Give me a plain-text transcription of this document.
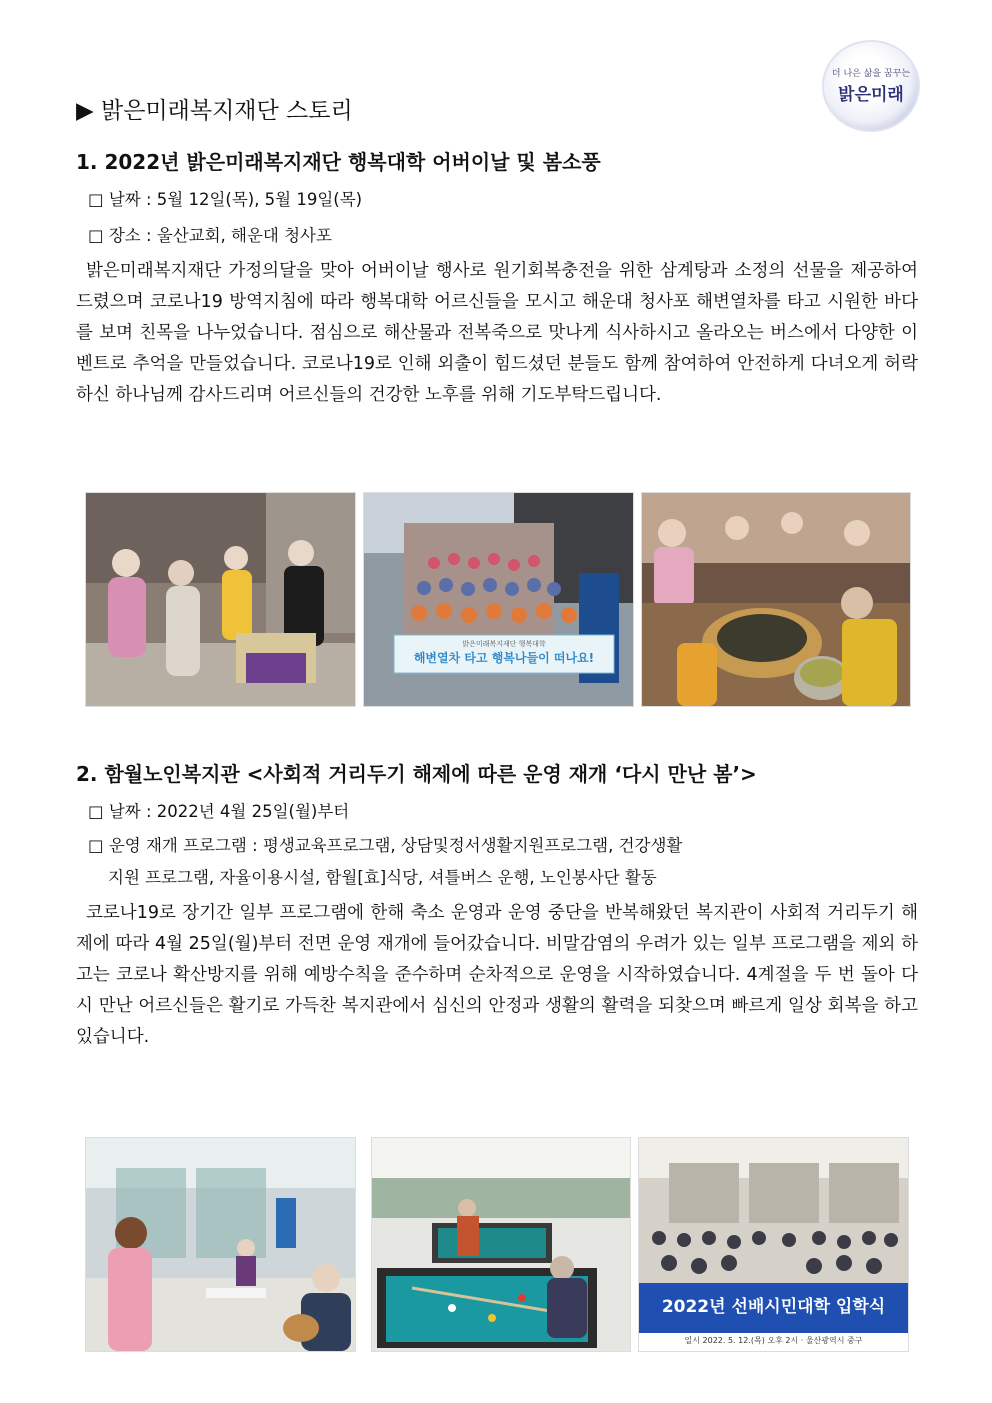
더 나은 삶을 꿈꾸는
밝은미래
▶ 밝은미래복지재단 스토리
1. 2022년 밝은미래복지재단 행복대학 어버이날 및 봄소풍
□ 날짜 : 5월 12일(목), 5월 19일(목)
□ 장소 : 울산교회, 해운대 청사포

밝은미래복지재단 가정의달을 맞아 어버이날 행사로 원기회복충전을 위한 삼계탕과 소정의 선물을 제공하여드렸으며 코로나19 방역지침에 따라 행복대학 어르신들을 모시고 해운대 청사포 해변열차를 타고 시원한 바다를 보며 친목을 나누었습니다. 점심으로 해산물과 전복죽으로 맛나게 식사하시고 올라오는 버스에서 다양한 이벤트로 추억을 만들었습니다. 코로나19로 인해 외출이 힘드셨던 분들도 함께 참여하여 안전하게 다녀오게 허락하신 하나님께 감사드리며 어르신들의 건강한 노후를 위해 기도부탁드립니다.

밝은미래복지재단 행복대학
해변열차 타고 행복나들이 떠나요!
2. 함월노인복지관 <사회적 거리두기 해제에 따른 운영 재개 ‘다시 만난 봄’>
□ 날짜 : 2022년 4월 25일(월)부터
□ 운영 재개 프로그램 : 평생교육프로그램, 상담및정서생활지원프로그램, 건강생활
지원 프로그램, 자율이용시설, 함월[효]식당, 셔틀버스 운행, 노인봉사단 활동

코로나19로 장기간 일부 프로그램에 한해 축소 운영과 운영 중단을 반복해왔던 복지관이 사회적 거리두기 해제에 따라 4월 25일(월)부터 전면 운영 재개에 들어갔습니다. 비말감염의 우려가 있는 일부 프로그램을 제외 하고는 코로나 확산방지를 위해 예방수칙을 준수하며 순차적으로 운영을 시작하였습니다. 4계절을 두 번 돌아 다시 만난 어르신들은 활기로 가득찬 복지관에서 심신의 안정과 생활의 활력을 되찾으며 빠르게 일상 회복을 하고 있습니다.

2022년 선배시민대학 입학식
일시 2022. 5. 12.(목) 오후 2시 · 울산광역시 중구
